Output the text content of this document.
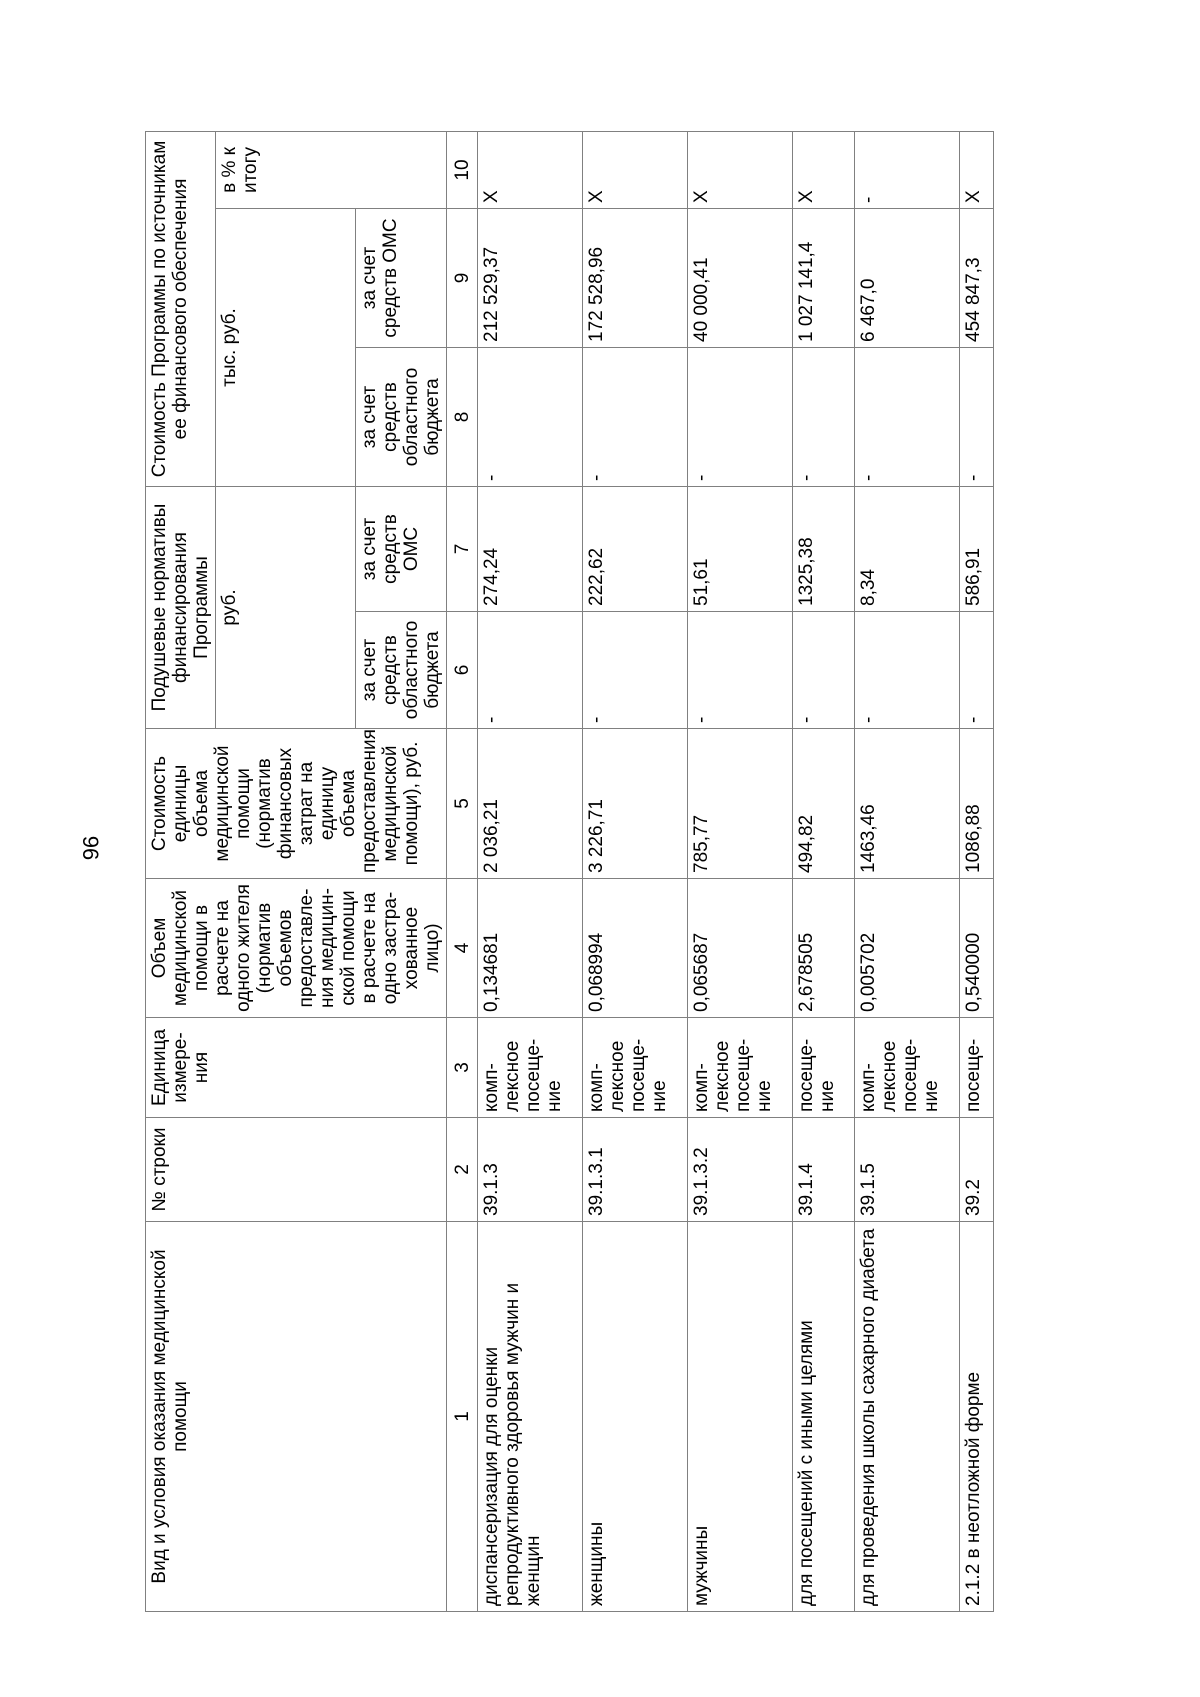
96
Вид и условия оказания медицинской помощи	№ строки	Единица измере-ния	Объем медицинской помощи в расчете на одного жителя (норматив объемов предоставле-ния медицин-ской помощи в расчете на одно застра-хованное лицо)	Стоимость единицы объема медицинской помощи (норматив финансовых затрат на единицу объема предоставления медицинской помощи), руб.	Подушевые нормативы финансирования Программы		Стоимость Программы по источникам ее финансового обеспечения		
					руб.		тыс. руб.		в % к итогу
					за счет средств областного бюджета	за счет средств ОМС	за счет средств областного бюджета	за счет средств ОМС	
1	2	3	4	5	6	7	8	9	10
диспансеризация для оценки репродуктивного здоровья мужчин и женщин	39.1.3	комп-лексное посеще-ние	0,134681	2 036,21	-	274,24	-	212 529,37	Х
женщины	39.1.3.1	комп-лексное посеще-ние	0,068994	3 226,71	-	222,62	-	172 528,96	Х
мужчины	39.1.3.2	комп-лексное посеще-ние	0,065687	785,77	-	51,61	-	40 000,41	Х
для посещений с иными целями	39.1.4	посеще-ние	2,678505	494,82	-	1325,38	-	1 027 141,4	Х
для проведения школы сахарного диабета	39.1.5	комп-лексное посеще-ние	0,005702	1463,46	-	8,34	-	6 467,0	-
2.1.2 в неотложной форме	39.2	посеще-	0,540000	1086,88	-	586,91	-	454 847,3	Х
